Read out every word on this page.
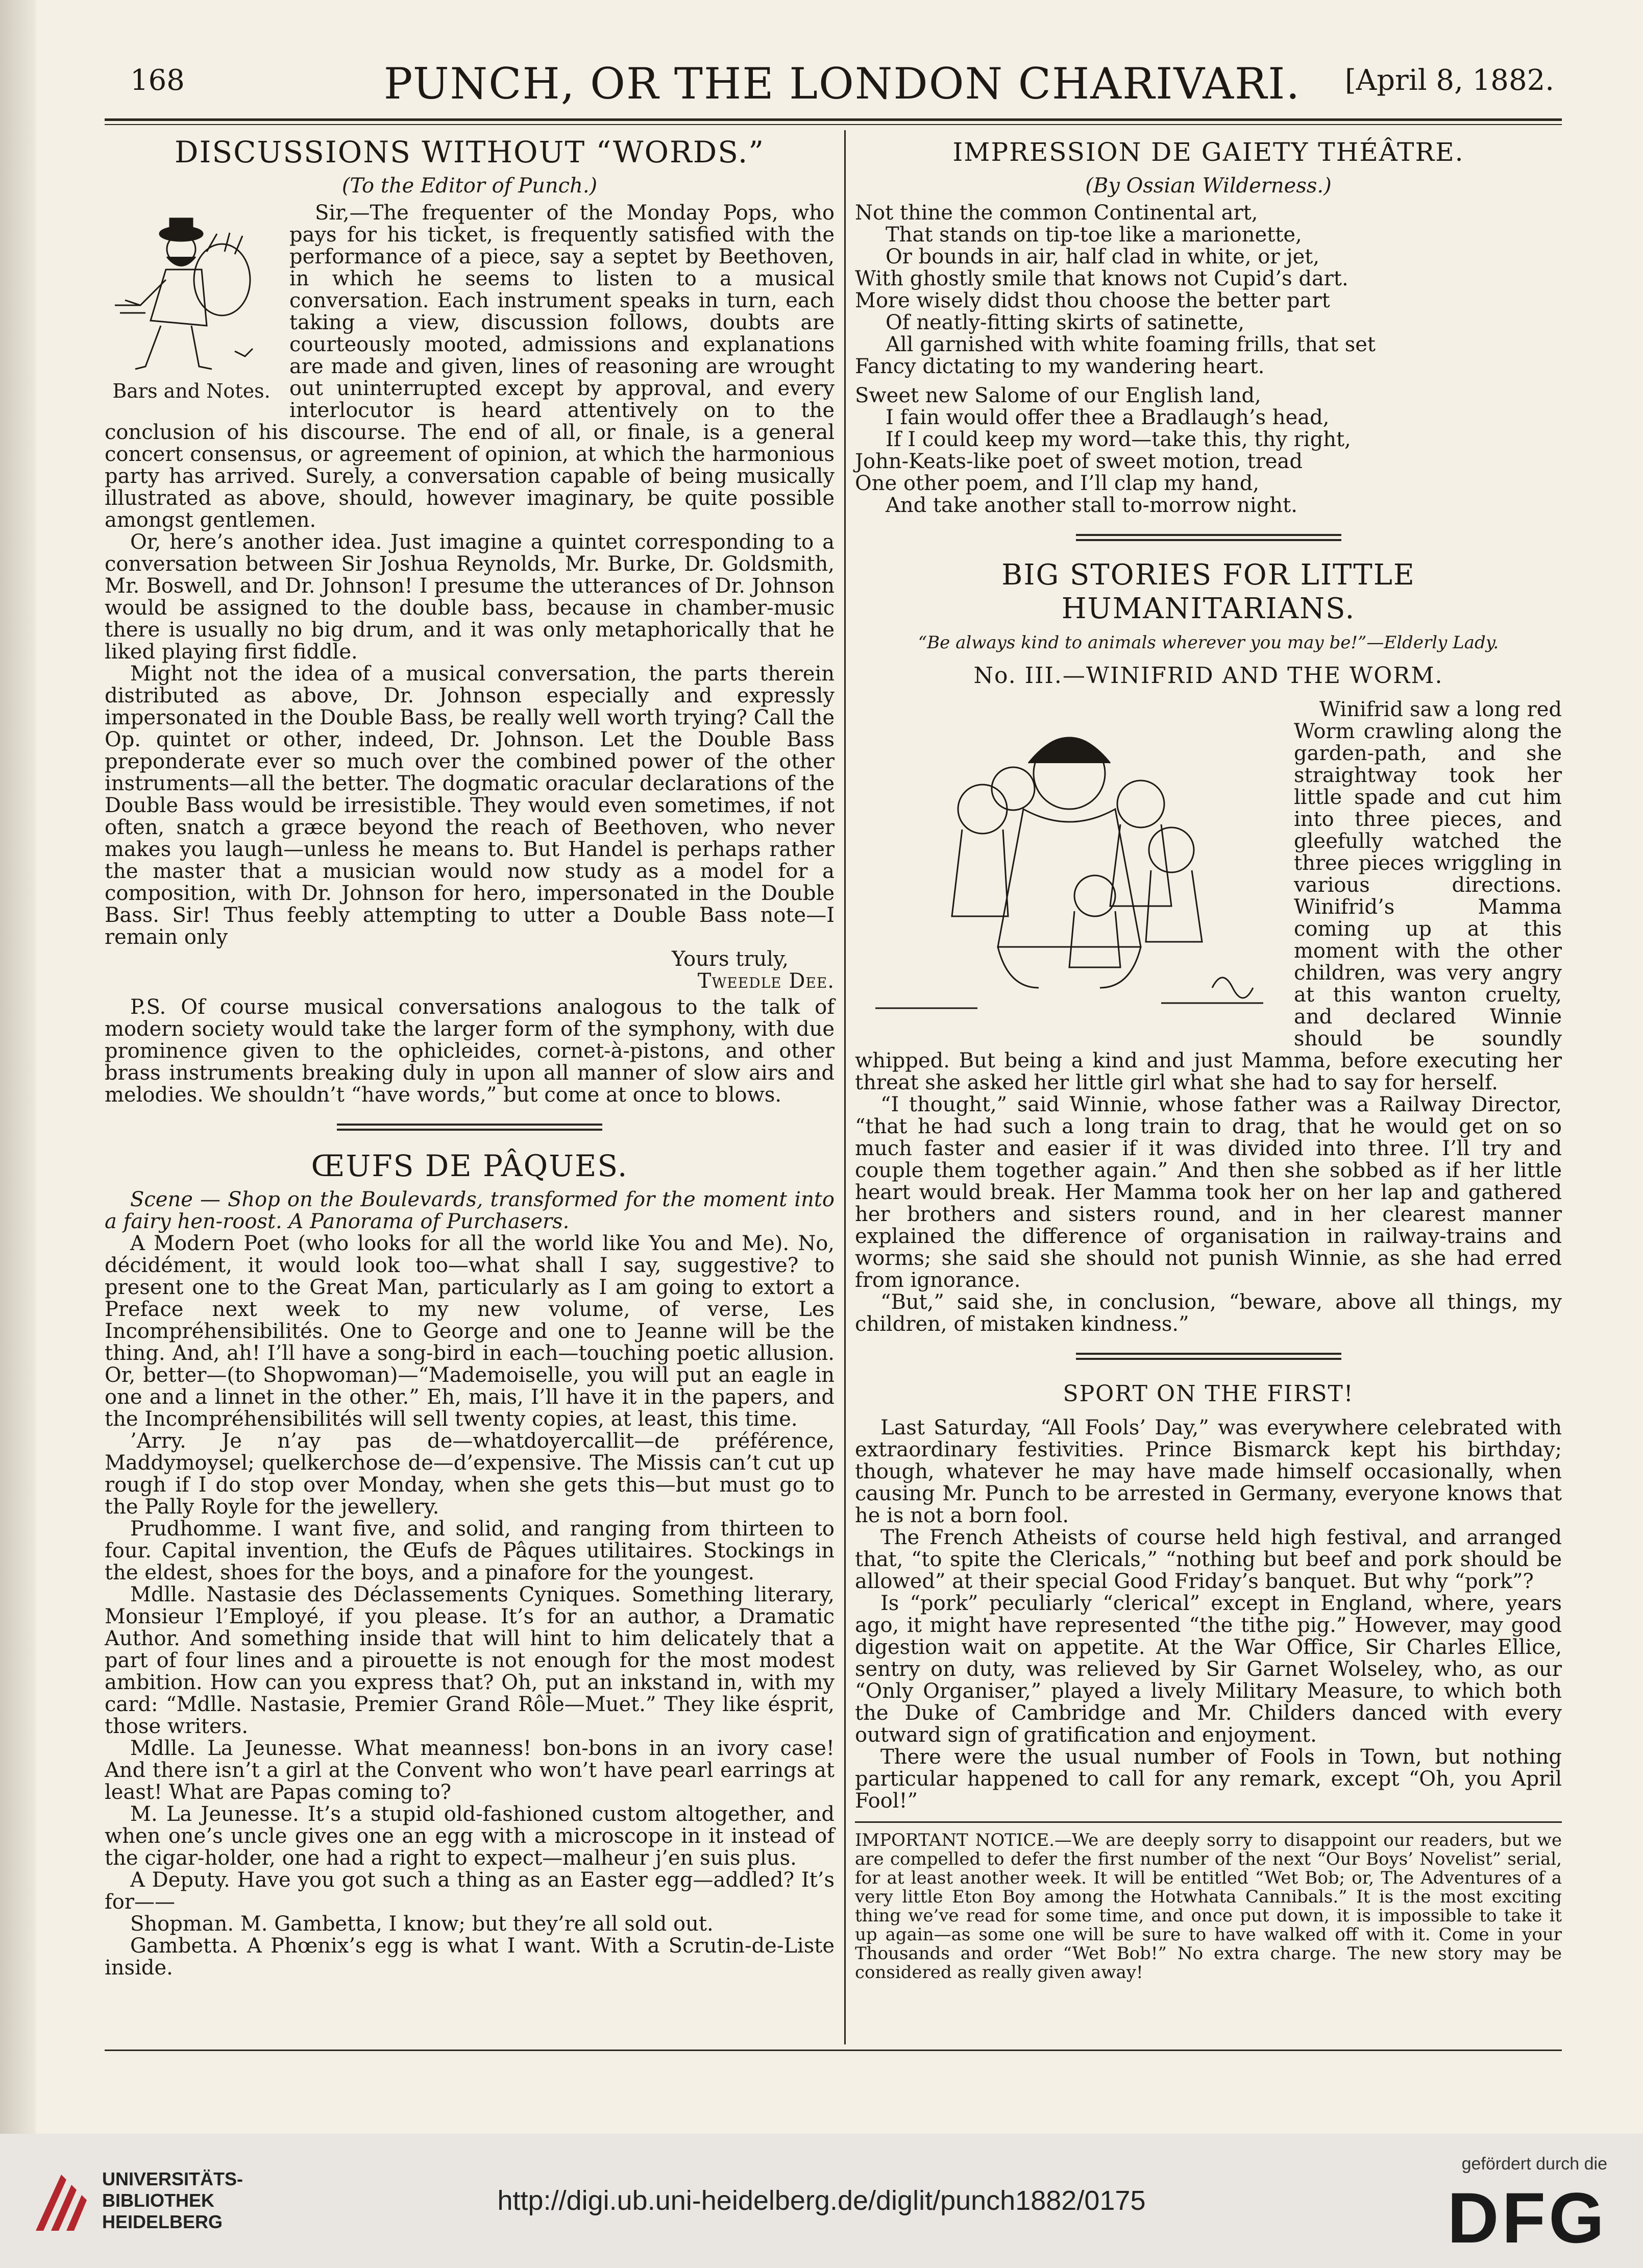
168	PUNCH, OR THE LONDON CHARIVARI.	[April 8, 1882.
DISCUSSIONS WITHOUT “WORDS.”
(To the Editor of Punch.)
Bars and Notes.

Sir,—The frequenter of the Monday Pops, who pays for his ticket, is frequently satisfied with the performance of a piece, say a septet by Beethoven, in which he seems to listen to a musical conversation. Each instrument speaks in turn, each taking a view, discussion follows, doubts are courteously mooted, admissions and explanations are made and given, lines of reasoning are wrought out uninterrupted except by approval, and every interlocutor is heard attentively on to the conclusion of his discourse. The end of all, or finale, is a general concert consensus, or agreement of opinion, at which the harmonious party has arrived. Surely, a conversation capable of being musically illustrated as above, should, however imaginary, be quite possible amongst gentlemen.

Or, here’s another idea. Just imagine a quintet corresponding to a conversation between Sir Joshua Reynolds, Mr. Burke, Dr. Goldsmith, Mr. Boswell, and Dr. Johnson! I presume the utterances of Dr. Johnson would be assigned to the double bass, because in chamber-music there is usually no big drum, and it was only metaphorically that he liked playing first fiddle.

Might not the idea of a musical conversation, the parts therein distributed as above, Dr. Johnson especially and expressly impersonated in the Double Bass, be really well worth trying? Call the Op. quintet or other, indeed, Dr. Johnson. Let the Double Bass preponderate ever so much over the combined power of the other instruments—all the better. The dogmatic oracular declarations of the Double Bass would be irresistible. They would even sometimes, if not often, snatch a græce beyond the reach of Beethoven, who never makes you laugh—unless he means to. But Handel is perhaps rather the master that a musician would now study as a model for a composition, with Dr. Johnson for hero, impersonated in the Double Bass. Sir! Thus feebly attempting to utter a Double Bass note—I remain only

Yours truly,
Tweedle Dee.

P.S. Of course musical conversations analogous to the talk of modern society would take the larger form of the symphony, with due prominence given to the ophicleides, cornet-à-pistons, and other brass instruments breaking duly in upon all manner of slow airs and melodies. We shouldn’t “have words,” but come at once to blows.

ŒUFS DE PÂQUES.

Scene — Shop on the Boulevards, transformed for the moment into a fairy hen-roost. A Panorama of Purchasers.

A Modern Poet (who looks for all the world like You and Me). No, décidément, it would look too—what shall I say, suggestive? to present one to the Great Man, particularly as I am going to extort a Preface next week to my new volume, of verse, Les Incompréhensibilités. One to George and one to Jeanne will be the thing. And, ah! I’ll have a song-bird in each—touching poetic allusion. Or, better—(to Shopwoman)—“Mademoiselle, you will put an eagle in one and a linnet in the other.” Eh, mais, I’ll have it in the papers, and the Incompréhensibilités will sell twenty copies, at least, this time.

’Arry. Je n’ay pas de—whatdoyercallit—de préférence, Maddymoysel; quelkerchose de—d’expensive. The Missis can’t cut up rough if I do stop over Monday, when she gets this—but must go to the Pally Royle for the jewellery.

Prudhomme. I want five, and solid, and ranging from thirteen to four. Capital invention, the Œufs de Pâques utilitaires. Stockings in the eldest, shoes for the boys, and a pinafore for the youngest.

Mdlle. Nastasie des Déclassements Cyniques. Something literary, Monsieur l’Employé, if you please. It’s for an author, a Dramatic Author. And something inside that will hint to him delicately that a part of four lines and a pirouette is not enough for the most modest ambition. How can you express that? Oh, put an inkstand in, with my card: “Mdlle. Nastasie, Premier Grand Rôle—Muet.” They like ésprit, those writers.

Mdlle. La Jeunesse. What meanness! bon-bons in an ivory case! And there isn’t a girl at the Convent who won’t have pearl earrings at least! What are Papas coming to?

M. La Jeunesse. It’s a stupid old-fashioned custom altogether, and when one’s uncle gives one an egg with a microscope in it instead of the cigar-holder, one had a right to expect—malheur j’en suis plus.

A Deputy. Have you got such a thing as an Easter egg—addled? It’s for——

Shopman. M. Gambetta, I know; but they’re all sold out.

Gambetta. A Phœnix’s egg is what I want. With a Scrutin-de-Liste inside.

IMPRESSION DE GAIETY THÉÂTRE.
(By Ossian Wilderness.)

Not thine the common Continental art,

That stands on tip-toe like a marionette,

Or bounds in air, half clad in white, or jet,

With ghostly smile that knows not Cupid’s dart.

More wisely didst thou choose the better part

Of neatly-fitting skirts of satinette,

All garnished with white foaming frills, that set

Fancy dictating to my wandering heart.

Sweet new Salome of our English land,

I fain would offer thee a Bradlaugh’s head,

If I could keep my word—take this, thy right,

John-Keats-like poet of sweet motion, tread

One other poem, and I’ll clap my hand,

And take another stall to-morrow night.

BIG STORIES FOR LITTLE HUMANITARIANS.
“Be always kind to animals wherever you may be!”—Elderly Lady.
No. III.—WINIFRID AND THE WORM.

Winifrid saw a long red Worm crawling along the garden-path, and she straightway took her little spade and cut him into three pieces, and gleefully watched the three pieces wriggling in various directions. Winifrid’s Mamma coming up at this moment with the other children, was very angry at this wanton cruelty, and declared Winnie should be soundly whipped. But being a kind and just Mamma, before executing her threat she asked her little girl what she had to say for herself.

“I thought,” said Winnie, whose father was a Railway Director, “that he had such a long train to drag, that he would get on so much faster and easier if it was divided into three. I’ll try and couple them together again.” And then she sobbed as if her little heart would break. Her Mamma took her on her lap and gathered her brothers and sisters round, and in her clearest manner explained the difference of organisation in railway-trains and worms; she said she should not punish Winnie, as she had erred from ignorance.

“But,” said she, in conclusion, “beware, above all things, my children, of mistaken kindness.”

SPORT ON THE FIRST!

Last Saturday, “All Fools’ Day,” was everywhere celebrated with extraordinary festivities. Prince Bismarck kept his birthday; though, whatever he may have made himself occasionally, when causing Mr. Punch to be arrested in Germany, everyone knows that he is not a born fool.

The French Atheists of course held high festival, and arranged that, “to spite the Clericals,” “nothing but beef and pork should be allowed” at their special Good Friday’s banquet. But why “pork”?

Is “pork” peculiarly “clerical” except in England, where, years ago, it might have represented “the tithe pig.” However, may good digestion wait on appetite. At the War Office, Sir Charles Ellice, sentry on duty, was relieved by Sir Garnet Wolseley, who, as our “Only Organiser,” played a lively Military Measure, to which both the Duke of Cambridge and Mr. Childers danced with every outward sign of gratification and enjoyment.

There were the usual number of Fools in Town, but nothing particular happened to call for any remark, except “Oh, you April Fool!”

IMPORTANT NOTICE.—We are deeply sorry to disappoint our readers, but we are compelled to defer the first number of the next “Our Boys’ Novelist” serial, for at least another week. It will be entitled “Wet Bob; or, The Adventures of a very little Eton Boy among the Hotwhata Cannibals.” It is the most exciting thing we’ve read for some time, and once put down, it is impossible to take it up again—as some one will be sure to have walked off with it. Come in your Thousands and order “Wet Bob!” No extra charge. The new story may be considered as really given away!

UNIVERSITÄTS-
BIBLIOTHEK
HEIDELBERG
http://digi.ub.uni-heidelberg.de/diglit/punch1882/0175
gefördert durch die
DFG
